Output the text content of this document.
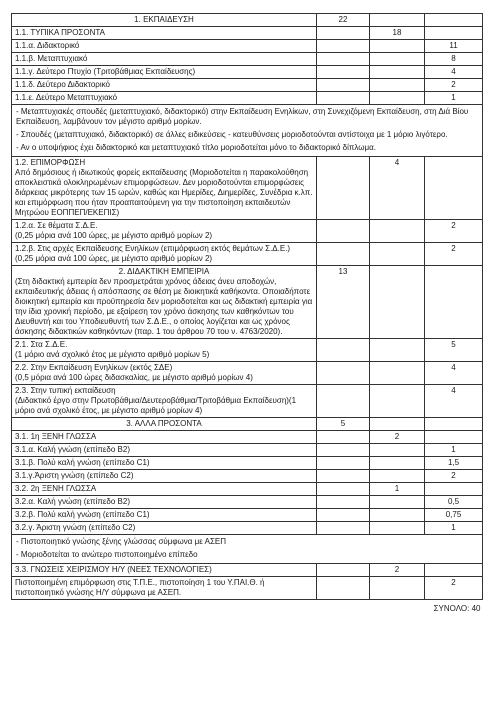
1. ΕΚΠΑΙΔΕΥΣΗ	22		
1.1. ΤΥΠΙΚΑ ΠΡΟΣΟΝΤΑ		18	
1.1.α. Διδακτορικό			11
1.1.β. Μεταπτυχιακό			8
1.1.γ. Δεύτερο Πτυχίο (Τριτοβάθμιας Εκπαίδευσης)			4
1.1.δ. Δεύτερο Διδακτορικό			2
1.1.ε. Δεύτερο Μεταπτυχιακό			1

- Μεταπτυχιακές σπουδές (μεταπτυχιακό, διδακτορικό) στην Εκπαίδευση Ενηλίκων, στη Συνεχιζόμενη Εκπαίδευση, στη Διά Βίου Εκπαίδευση, λαμβάνουν τον μέγιστο αριθμό μορίων.

- Σπουδές (μεταπτυχιακό, διδακτορικό) σε άλλες ειδικεύσεις - κατευθύνσεις μοριοδοτούνται αντίστοιχα με 1 μόριο λιγότερο.

- Αν ο υποψήφιος έχει διδακτορικό και μεταπτυχιακό τίτλο μοριοδοτείται μόνο το διδακτορικό δίπλωμα.			

1.2. ΕΠΙΜΟΡΦΩΣΗ
Από δημόσιους ή ιδιωτικούς φορείς εκπαίδευσης (Μοριοδοτείται η παρακολούθηση αποκλειστικά ολοκληρωμένων επιμορφώσεων. Δεν μοριοδοτούνται επιμορφώσεις διάρκειας μικρότερης των 15 ωρών, καθώς και Ημερίδες, Διημερίδες, Συνέδρια κ.λπ. και επιμόρφωση που ήταν προαπαιτούμενη για την πιστοποίηση εκπαιδευτών Μητρώου ΕΟΠΠΕΠ/ΕΚΕΠΙΣ)		4	

1.2.α. Σε θέματα Σ.Δ.Ε.
(0,25 μόρια ανά 100 ώρες, με μέγιστο αριθμό μορίων 2)			2

1.2.β. Στις αρχές Εκπαίδευσης Ενηλίκων (επιμόρφωση εκτός θεμάτων Σ.Δ.Ε.)
(0,25 μόρια ανά 100 ώρες, με μέγιστο αριθμό μορίων 2)			2

2. ΔΙΔΑΚΤΙΚΗ ΕΜΠΕΙΡΙΑ
(Στη διδακτική εμπειρία δεν προσμετράται χρόνος άδειας άνευ αποδοχών, εκπαιδευτικής άδειας ή απόσπασης σε θέση με διοικητικά καθήκοντα. Οποιαδήποτε διοικητική εμπειρία και προϋπηρεσία δεν μοριοδοτείται και ως διδακτική εμπειρία για την ίδια χρονική περίοδο, με εξαίρεση τον χρόνο άσκησης των καθηκόντων του Διευθυντή και του Υποδιευθυντή των Σ.Δ.Ε., ο οποίος λογίζεται και ως χρόνος άσκησης διδακτικών καθηκόντων (παρ. 1 του άρθρου 70 του ν. 4763/2020).	13		

2.1. Στα Σ.Δ.Ε.
(1 μόριο ανά σχολικό έτος με μέγιστο αριθμό μορίων 5)			5

2.2. Στην Εκπαίδευση Ενηλίκων (εκτός ΣΔΕ)
(0,5 μόρια ανά 100 ώρες διδασκαλίας, με μέγιστο αριθμό μορίων 4)			4

2.3. Στην τυπική εκπαίδευση
(Διδακτικό έργο στην Πρωτοβάθμια/Δευτεροβάθμια/Τριτοβάθμια Εκπαίδευση)(1 μόριο ανά σχολικό έτος, με μέγιστο αριθμό μορίων 4)			4
3. ΑΛΛΑ ΠΡΟΣΟΝΤΑ	5		
3.1. 1η ΞΕΝΗ ΓΛΩΣΣΑ		2	
3.1.α. Καλή γνώση (επίπεδο Β2)			1
3.1.β. Πολύ καλή γνώση (επίπεδο C1)			1,5
3.1.γ.Άριστη γνώση (επίπεδο C2)			2
3.2. 2η ΞΕΝΗ ΓΛΩΣΣΑ		1	
3.2.α. Καλή γνώση (επίπεδο Β2)			0,5
3.2.β. Πολύ καλή γνώση (επίπεδο C1)			0,75
3.2.γ. Άριστη γνώση (επίπεδο C2)			1

- Πιστοποιητικό γνώσης ξένης γλώσσας σύμφωνα με ΑΣΕΠ

- Μοριοδοτείται το ανώτερο πιστοποιημένο επίπεδο			

3.3. ΓΝΩΣΕΙΣ ΧΕΙΡΙΣΜΟΥ Η/Υ (ΝΕΕΣ ΤΕΧΝΟΛΟΓΙΕΣ)		2	
Πιστοποιημένη επιμόρφωση στις Τ.Π.Ε., πιστοποίηση 1 του Υ.ΠΑΙ.Θ. ή πιστοποιητικό γνώσης Η/Υ σύμφωνα με ΑΣΕΠ.			2
ΣΥΝΟΛΟ: 40			
